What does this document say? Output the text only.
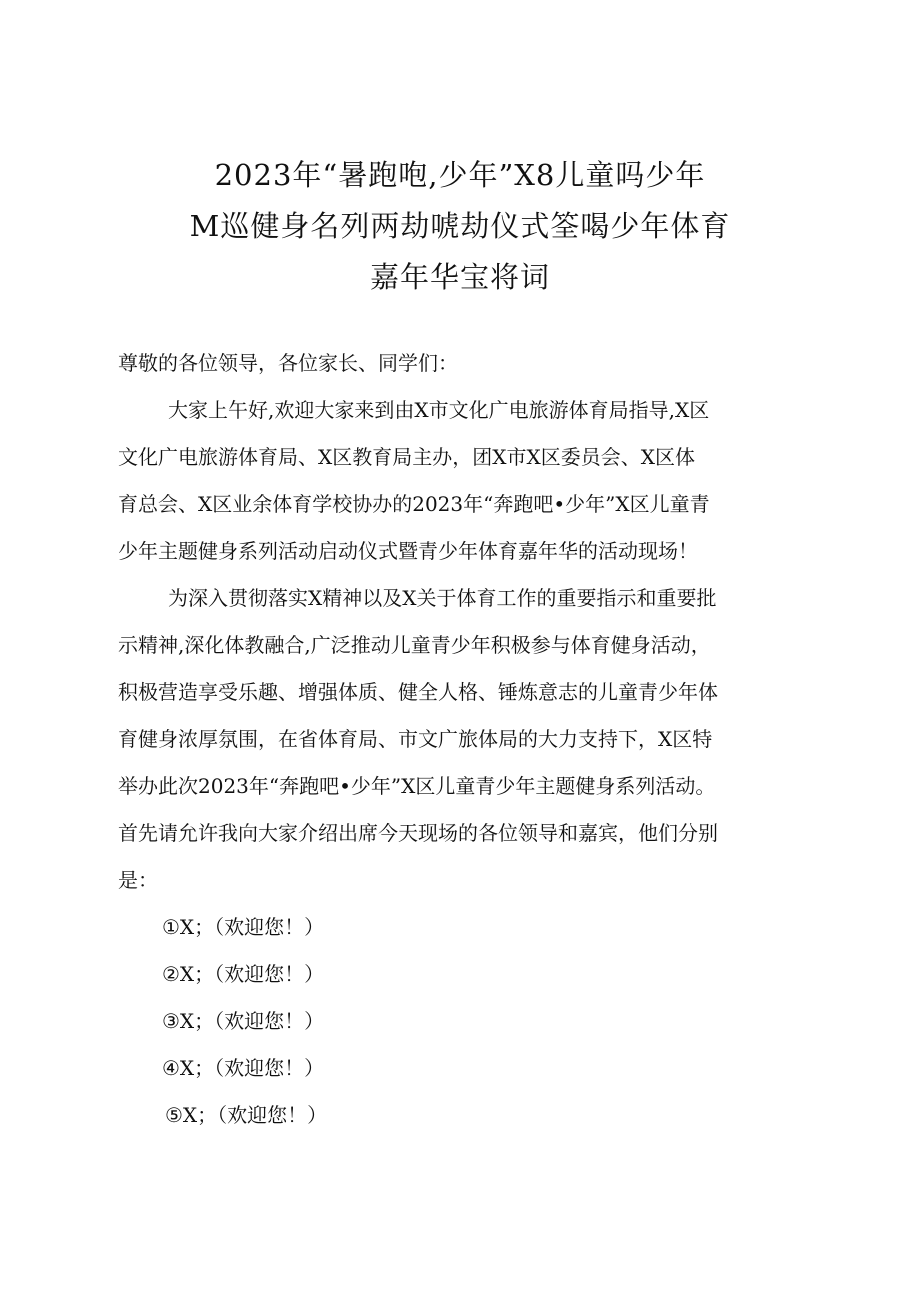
2023年“暑跑咆,少年”X8儿童吗少年
M巡健身名列两劫唬劫仪式筌喝少年体育
嘉年华宝将词
尊敬的各位领导，各位家长、同学们：
大家上午好,欢迎大家来到由X市文化广电旅游体育局指导,X区
文化广电旅游体育局、X区教育局主办，团X市X区委员会、X区体
育总会、X区业余体育学校协办的2023年“奔跑吧•少年”X区儿童青
少年主题健身系列活动启动仪式暨青少年体育嘉年华的活动现场！
为深入贯彻落实X精神以及X关于体育工作的重要指示和重要批
示精神,深化体教融合,广泛推动儿童青少年积极参与体育健身活动，
积极营造享受乐趣、增强体质、健全人格、锤炼意志的儿童青少年体
育健身浓厚氛围，在省体育局、市文广旅体局的大力支持下，X区特
举办此次2023年“奔跑吧•少年”X区儿童青少年主题健身系列活动。
首先请允许我向大家介绍出席今天现场的各位领导和嘉宾，他们分别
是：
①X；（欢迎您！）
②X；（欢迎您！）
③X；（欢迎您！）
④X；（欢迎您！）
⑤X；（欢迎您！）
